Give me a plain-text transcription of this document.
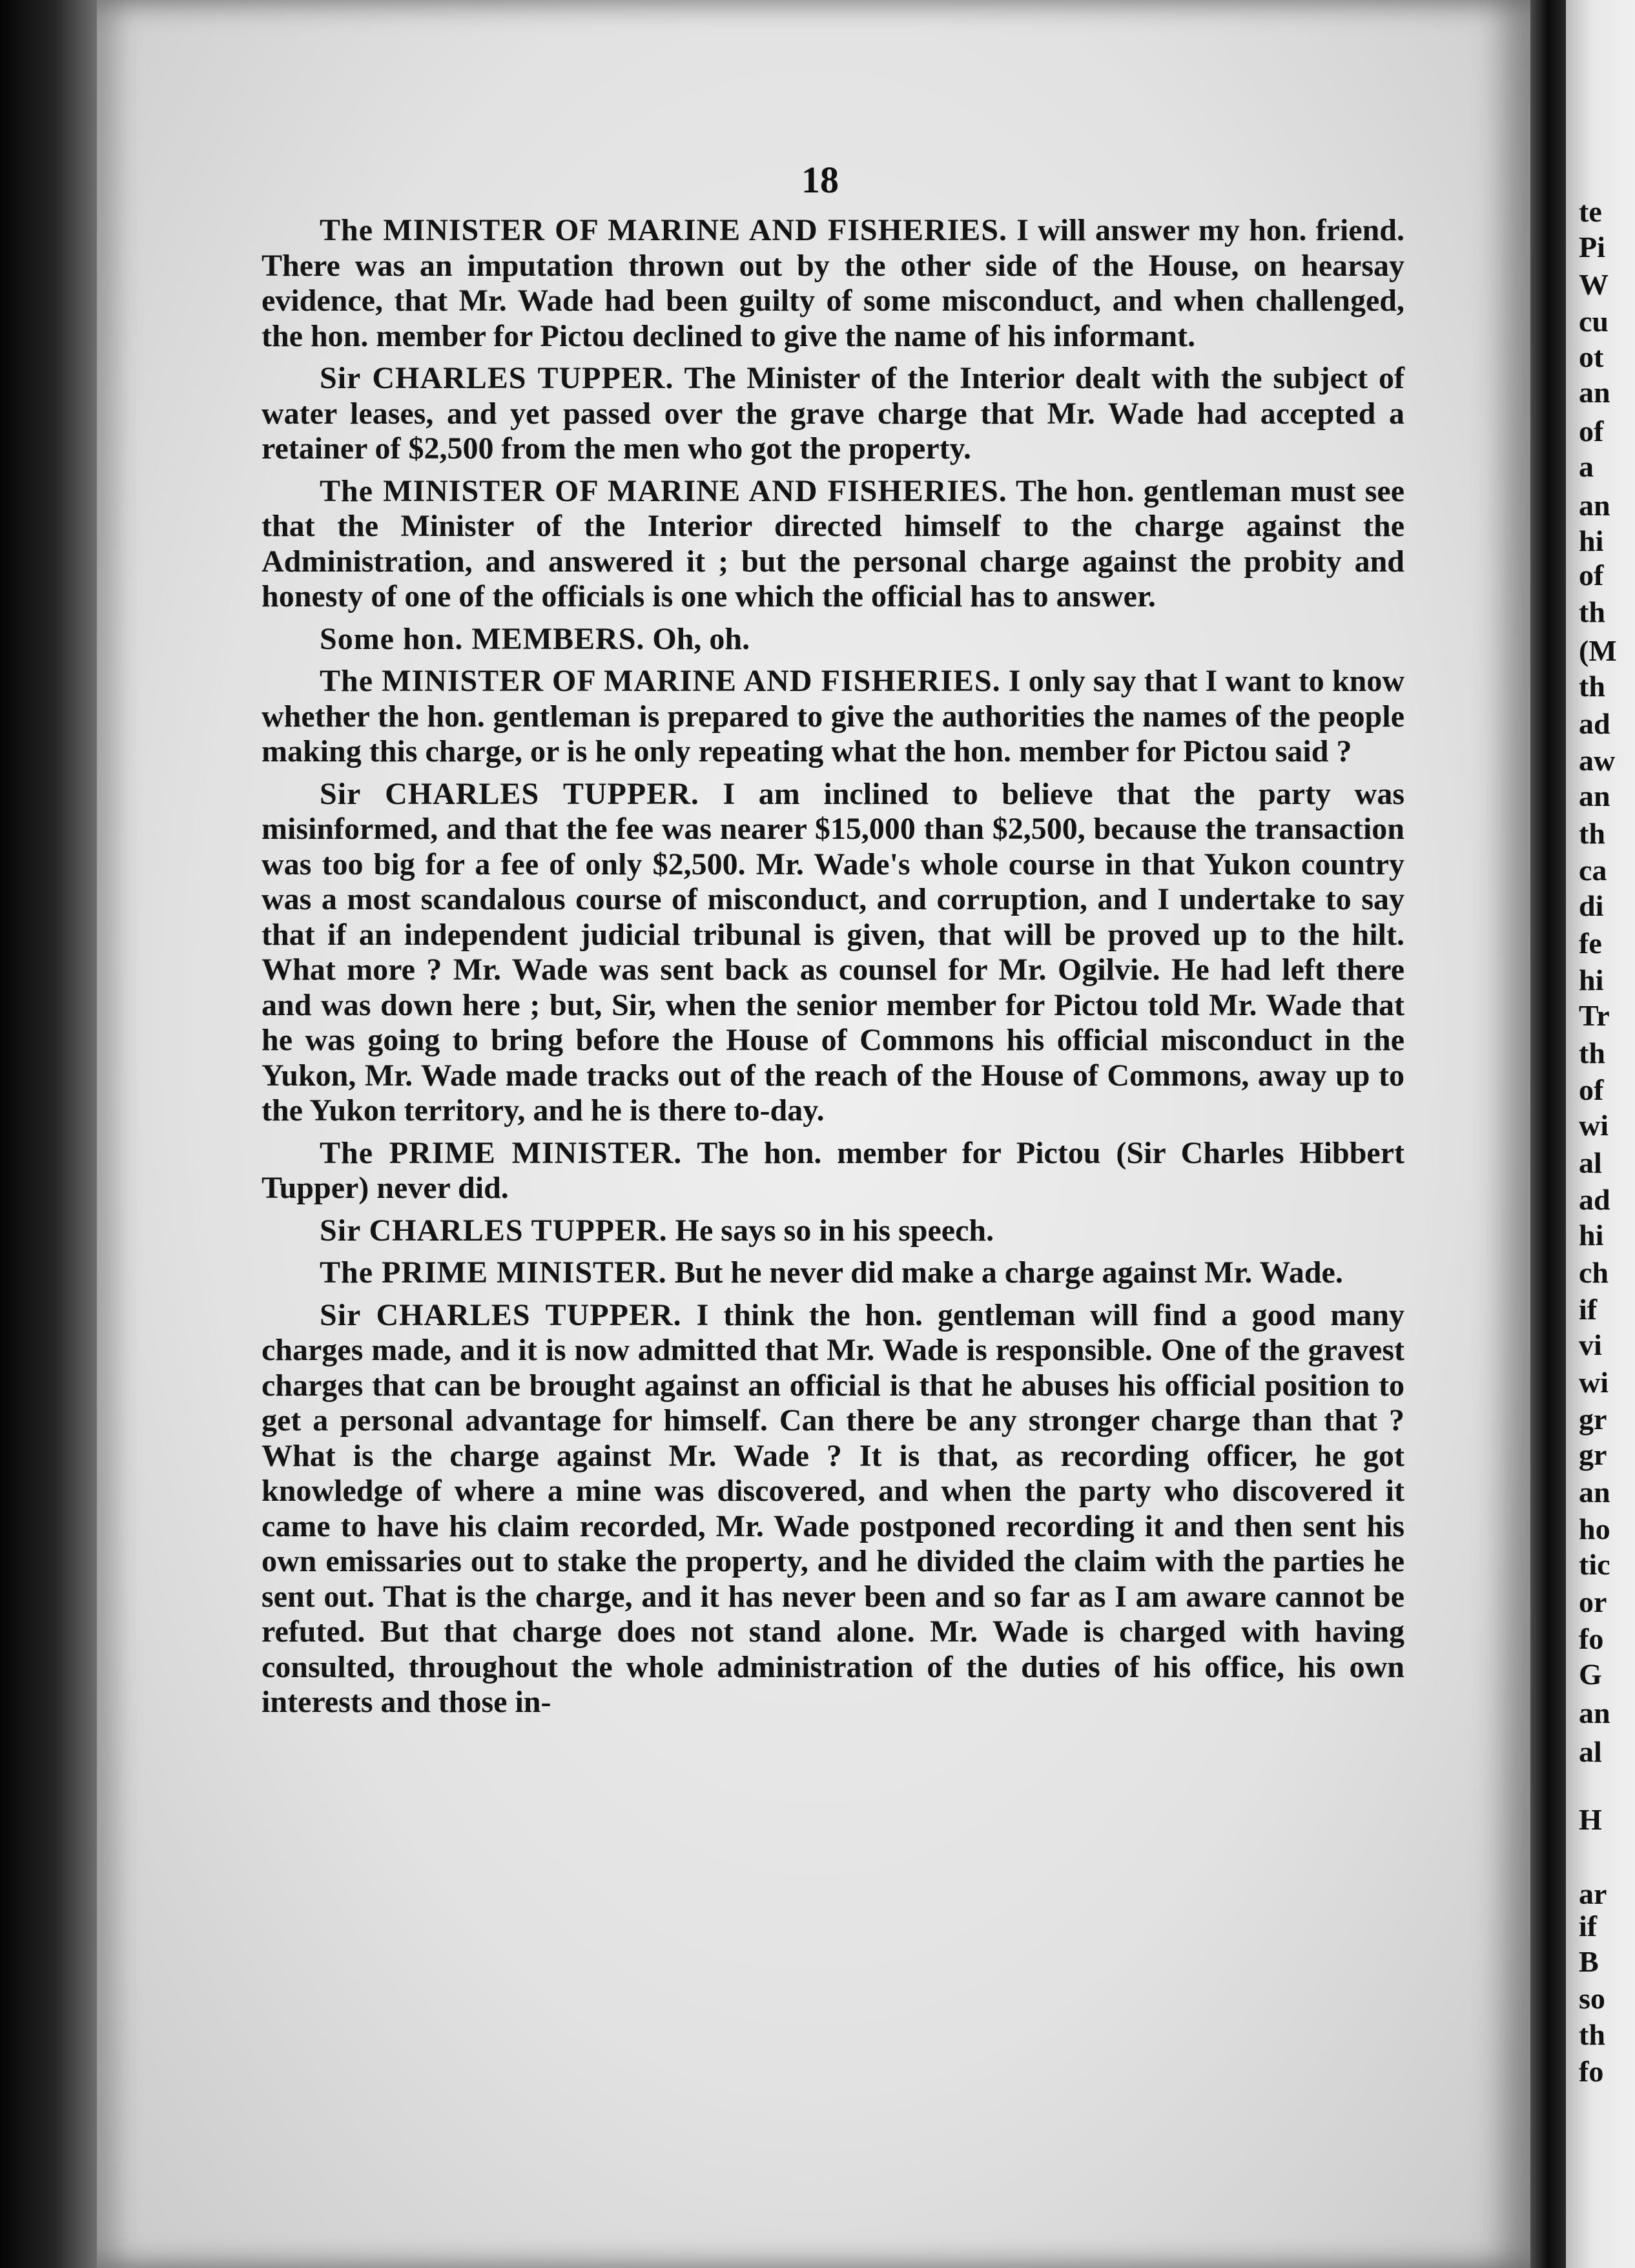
18

The MINISTER OF MARINE AND FISHERIES. I will answer my hon. friend. There was an imputation thrown out by the other side of the House, on hearsay evidence, that Mr. Wade had been guilty of some misconduct, and when challenged, the hon. member for Pictou declined to give the name of his informant.

Sir CHARLES TUPPER. The Minister of the Interior dealt with the subject of water leases, and yet passed over the grave charge that Mr. Wade had accepted a retainer of $2,500 from the men who got the property.

The MINISTER OF MARINE AND FISHERIES. The hon. gentleman must see that the Minister of the Interior directed himself to the charge against the Administration, and answered it ; but the personal charge against the probity and honesty of one of the officials is one which the official has to answer.

Some hon. MEMBERS. Oh, oh.

The MINISTER OF MARINE AND FISHERIES. I only say that I want to know whether the hon. gentleman is prepared to give the authorities the names of the people making this charge, or is he only repeating what the hon. member for Pictou said ?

Sir CHARLES TUPPER. I am inclined to believe that the party was misinformed, and that the fee was nearer $15,000 than $2,500, because the transaction was too big for a fee of only $2,500. Mr. Wade's whole course in that Yukon country was a most scandalous course of misconduct, and corruption, and I undertake to say that if an independent judicial tribunal is given, that will be proved up to the hilt. What more ? Mr. Wade was sent back as counsel for Mr. Ogilvie. He had left there and was down here ; but, Sir, when the senior member for Pictou told Mr. Wade that he was going to bring before the House of Commons his official misconduct in the Yukon, Mr. Wade made tracks out of the reach of the House of Commons, away up to the Yukon territory, and he is there to-day.

The PRIME MINISTER. The hon. member for Pictou (Sir Charles Hibbert Tupper) never did.

Sir CHARLES TUPPER. He says so in his speech.

The PRIME MINISTER. But he never did make a charge against Mr. Wade.

Sir CHARLES TUPPER. I think the hon. gentleman will find a good many charges made, and it is now admitted that Mr. Wade is responsible. One of the gravest charges that can be brought against an official is that he abuses his official position to get a personal advantage for himself. Can there be any stronger charge than that ? What is the charge against Mr. Wade ? It is that, as recording officer, he got knowledge of where a mine was discovered, and when the party who discovered it came to have his claim recorded, Mr. Wade postponed recording it and then sent his own emissaries out to stake the property, and he divided the claim with the parties he sent out. That is the charge, and it has never been and so far as I am aware cannot be refuted. But that charge does not stand alone. Mr. Wade is charged with having consulted, throughout the whole administration of the duties of his office, his own interests and those in-

te
Pi
W
cu
ot
an
of
a
an
hi
of
th
(M
th
ad
aw
an
th
ca
di
fe
hi
Tr
th
of
wi
al
ad
hi
ch
if
vi
wi
gr
gr
an
ho
tic
or
fo
G
an
al
H
ar
if
B
so
th
fo
